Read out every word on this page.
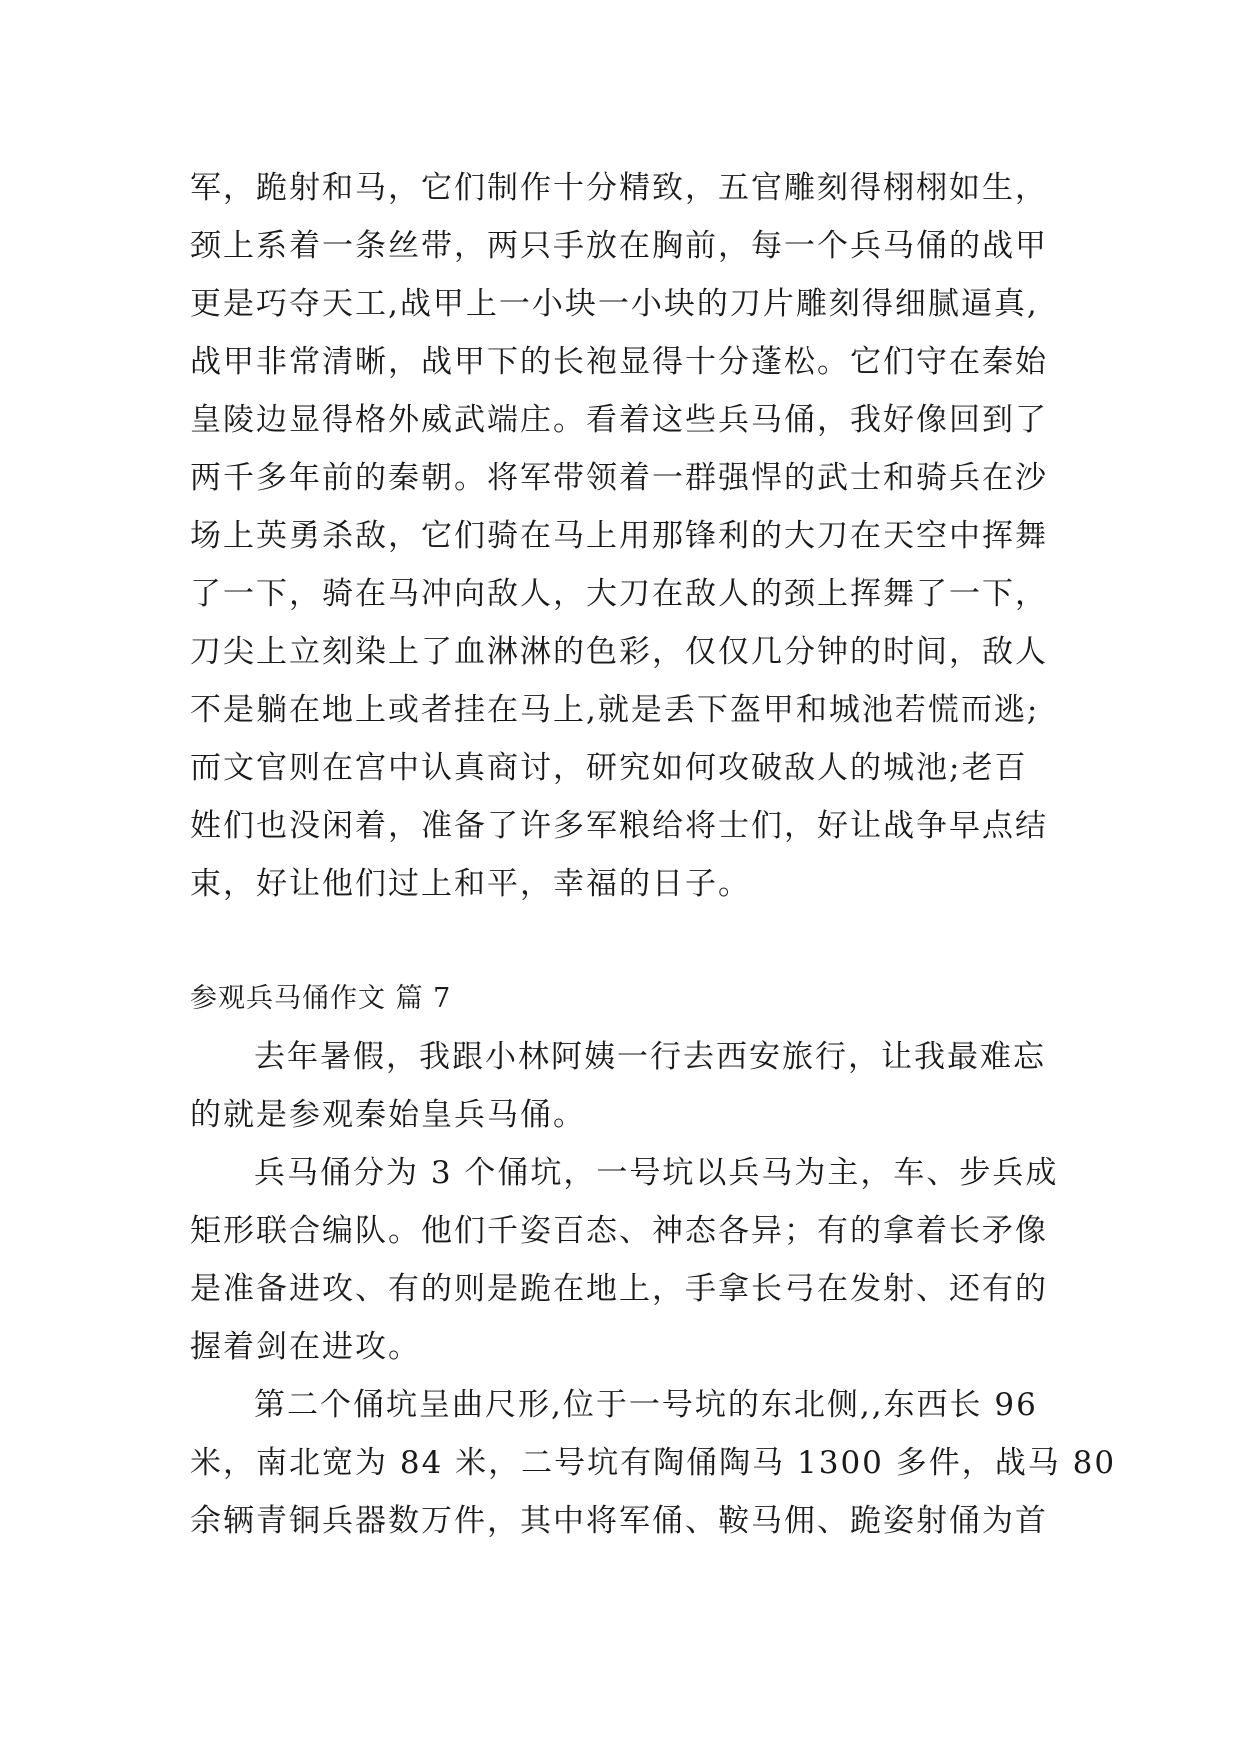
军，跪射和马，它们制作十分精致，五官雕刻得栩栩如生，

颈上系着一条丝带，两只手放在胸前，每一个兵马俑的战甲

更是巧夺天工,战甲上一小块一小块的刀片雕刻得细腻逼真,

战甲非常清晰，战甲下的长袍显得十分蓬松。它们守在秦始

皇陵边显得格外威武端庄。看着这些兵马俑，我好像回到了

两千多年前的秦朝。将军带领着一群强悍的武士和骑兵在沙

场上英勇杀敌，它们骑在马上用那锋利的大刀在天空中挥舞

了一下，骑在马冲向敌人，大刀在敌人的颈上挥舞了一下，

刀尖上立刻染上了血淋淋的色彩，仅仅几分钟的时间，敌人

不是躺在地上或者挂在马上,就是丢下盔甲和城池若慌而逃;

而文官则在宫中认真商讨，研究如何攻破敌人的城池;老百

姓们也没闲着，准备了许多军粮给将士们，好让战争早点结

束，好让他们过上和平，幸福的日子。

参观兵马俑作文 篇 7

去年暑假，我跟小林阿姨一行去西安旅行，让我最难忘

的就是参观秦始皇兵马俑。

兵马俑分为 3 个俑坑，一号坑以兵马为主，车、步兵成

矩形联合编队。他们千姿百态、神态各异；有的拿着长矛像

是准备进攻、有的则是跪在地上，手拿长弓在发射、还有的

握着剑在进攻。

第二个俑坑呈曲尺形,位于一号坑的东北侧,,东西长 96

米，南北宽为 84 米，二号坑有陶俑陶马 1300 多件，战马 80

余辆青铜兵器数万件，其中将军俑、鞍马佣、跪姿射俑为首
